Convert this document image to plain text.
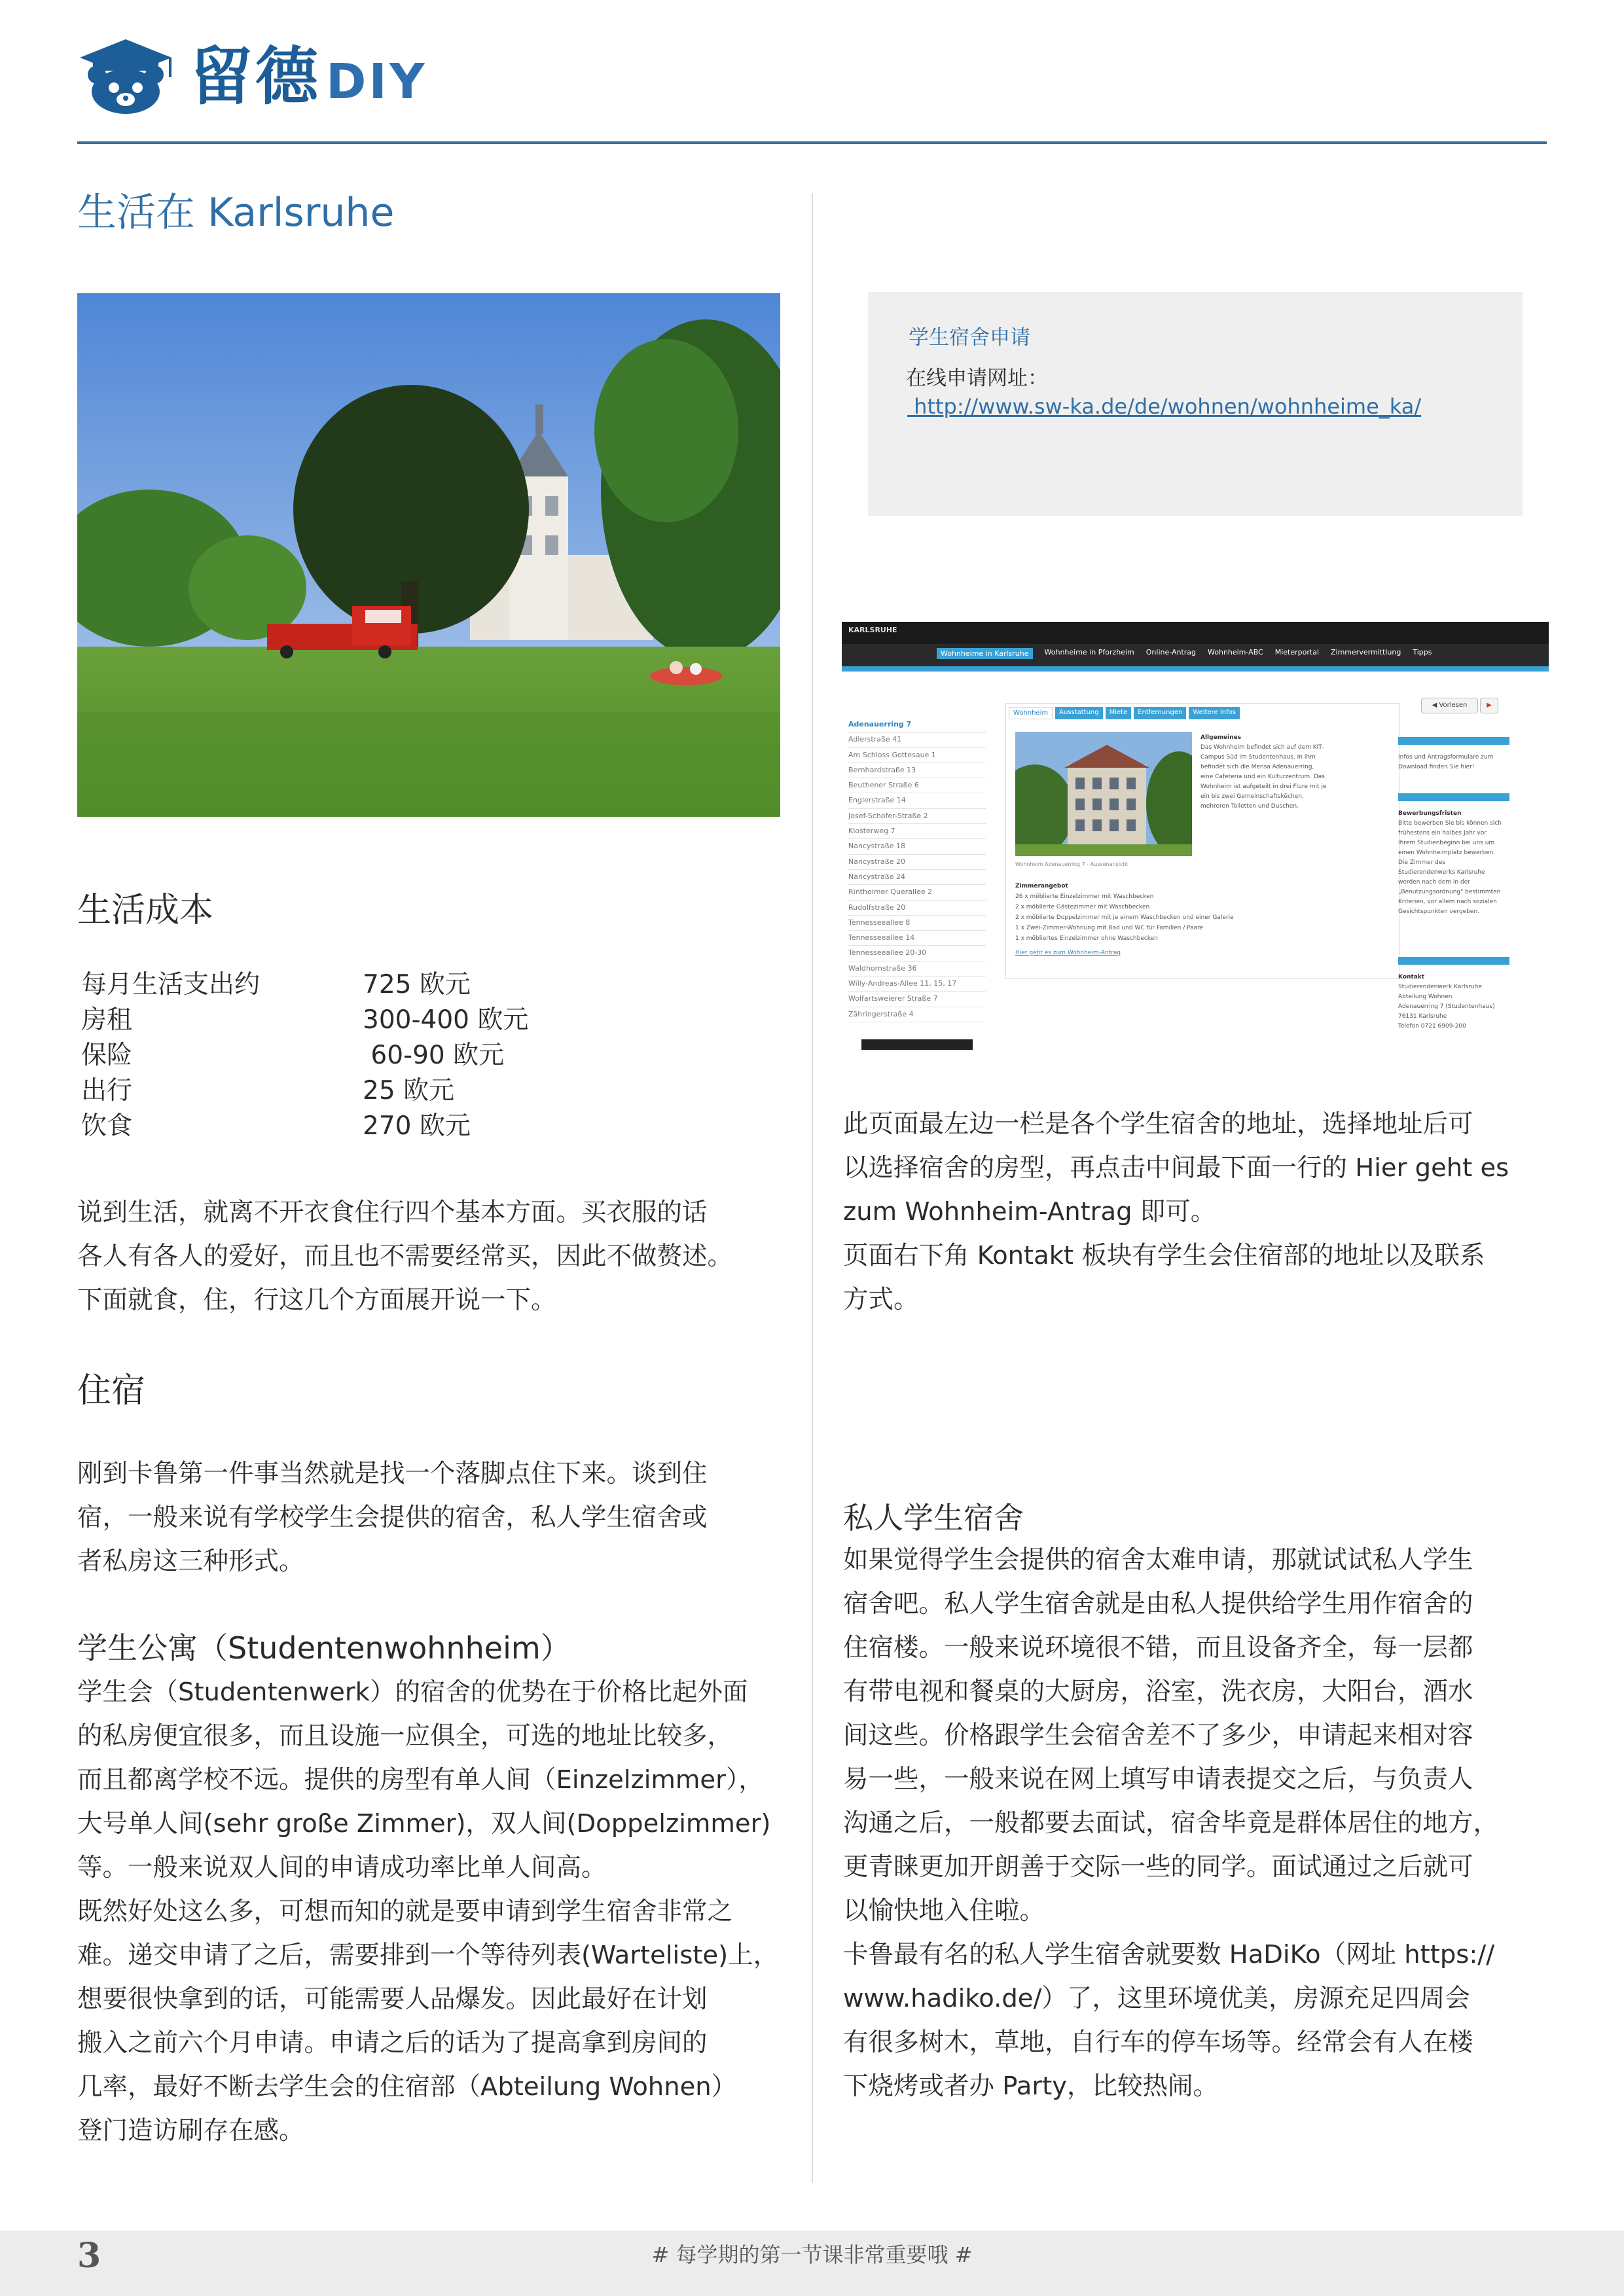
留德 DIY
生活在 Karlsruhe
生活成本
每月生活支出约	725 欧元
房租	300-400 欧元
保险	60-90 欧元
出行	25 欧元
饮食	270 欧元
说到生活，就离不开衣食住行四个基本方面。买衣服的话
各人有各人的爱好，而且也不需要经常买，因此不做赘述。
下面就食，住，行这几个方面展开说一下。
住宿
刚到卡鲁第一件事当然就是找一个落脚点住下来。谈到住
宿，一般来说有学校学生会提供的宿舍，私人学生宿舍或
者私房这三种形式。
学生公寓（Studentenwohnheim）
学生会（Studentenwerk）的宿舍的优势在于价格比起外面
的私房便宜很多，而且设施一应俱全，可选的地址比较多，
而且都离学校不远。提供的房型有单人间（Einzelzimmer），
大号单人间(sehr große Zimmer)，双人间(Doppelzimmer)
等。一般来说双人间的申请成功率比单人间高。
既然好处这么多，可想而知的就是要申请到学生宿舍非常之
难。递交申请了之后，需要排到一个等待列表(Warteliste)上，
想要很快拿到的话，可能需要人品爆发。因此最好在计划
搬入之前六个月申请。申请之后的话为了提高拿到房间的
几率，最好不断去学生会的住宿部（Abteilung Wohnen）
登门造访刷存在感。
学生宿舍申请
在线申请网址：
http://www.sw-ka.de/de/wohnen/wohnheime_ka/
KARLSRUHE
Wohnheime in Karlsruhe	Wohnheime in Pforzheim Online-Antrag Wohnheim-ABC Mieterportal Zimmervermittlung Tipps
Adenauerring 7
Adlerstraße 41
Am Schloss Gottesaue 1
Bernhardstraße 13
Beuthener Straße 6
Englerstraße 14
Josef-Schofer-Straße 2
Klosterweg 7
Nancystraße 18
Nancystraße 20
Nancystraße 24
Rintheimer Querallee 2
Rudolfstraße 20
Tennesseeallee 8
Tennesseeallee 14
Tennesseeallee 20-30
Waldhornstraße 36
Willy-Andreas-Allee 11, 15, 17
Wolfartsweierer Straße 7
Zähringerstraße 4
Wohnheim	Ausstattung	Miete	Entfernungen	Weitere Infos
Allgemeines
Das Wohnheim befindet sich auf dem KIT-
Campus Süd im Studentenhaus. In ihm
befindet sich die Mensa Adenauerring,
eine Cafeteria und ein Kulturzentrum. Das
Wohnheim ist aufgeteilt in drei Flure mit je
ein bis zwei Gemeinschaftsküchen,
mehreren Toiletten und Duschen.
Wohnheim Adenauerring 7 - Aussenansicht
Zimmerangebot
26 x möblierte Einzelzimmer mit Waschbecken
2 x möblierte Gästezimmer mit Waschbecken
2 x möblierte Doppelzimmer mit je einem Waschbecken und einer Galerie
1 x Zwei-Zimmer-Wohnung mit Bad und WC für Familien / Paare
1 x möbliertes Einzelzimmer ohne Waschbecken
Hier geht es zum Wohnheim-Antrag
◀ Vorlesen	▶
Infos und Antragsformulare zum
Download finden Sie hier!
Bewerbungsfristen
Bitte bewerben Sie bis können sich
frühestens ein halbes Jahr vor
Ihrem Studienbeginn bei uns um
einen Wohnheimplatz bewerben.
Die Zimmer des
Studierendenwerks Karlsruhe
werden nach dem in der
„Benutzungsordnung" bestimmten
Kriterien, vor allem nach sozialen
Gesichtspunkten vergeben.
Kontakt
Studierendenwerk Karlsruhe
Abteilung Wohnen
Adenauerring 7 (Studentenhaus)
76131 Karlsruhe
Telefon 0721 6909-200
此页面最左边一栏是各个学生宿舍的地址，选择地址后可
以选择宿舍的房型，再点击中间最下面一行的 Hier geht es
zum Wohnheim-Antrag 即可。
页面右下角 Kontakt 板块有学生会住宿部的地址以及联系
方式。
私人学生宿舍
如果觉得学生会提供的宿舍太难申请，那就试试私人学生
宿舍吧。私人学生宿舍就是由私人提供给学生用作宿舍的
住宿楼。一般来说环境很不错，而且设备齐全，每一层都
有带电视和餐桌的大厨房，浴室，洗衣房，大阳台，酒水
间这些。价格跟学生会宿舍差不了多少，申请起来相对容
易一些，一般来说在网上填写申请表提交之后，与负责人
沟通之后，一般都要去面试，宿舍毕竟是群体居住的地方，
更青睐更加开朗善于交际一些的同学。面试通过之后就可
以愉快地入住啦。
卡鲁最有名的私人学生宿舍就要数 HaDiKo（网址 https://
www.hadiko.de/）了，这里环境优美，房源充足四周会
有很多树木，草地，自行车的停车场等。经常会有人在楼
下烧烤或者办 Party，比较热闹。
3	# 每学期的第一节课非常重要哦 #
